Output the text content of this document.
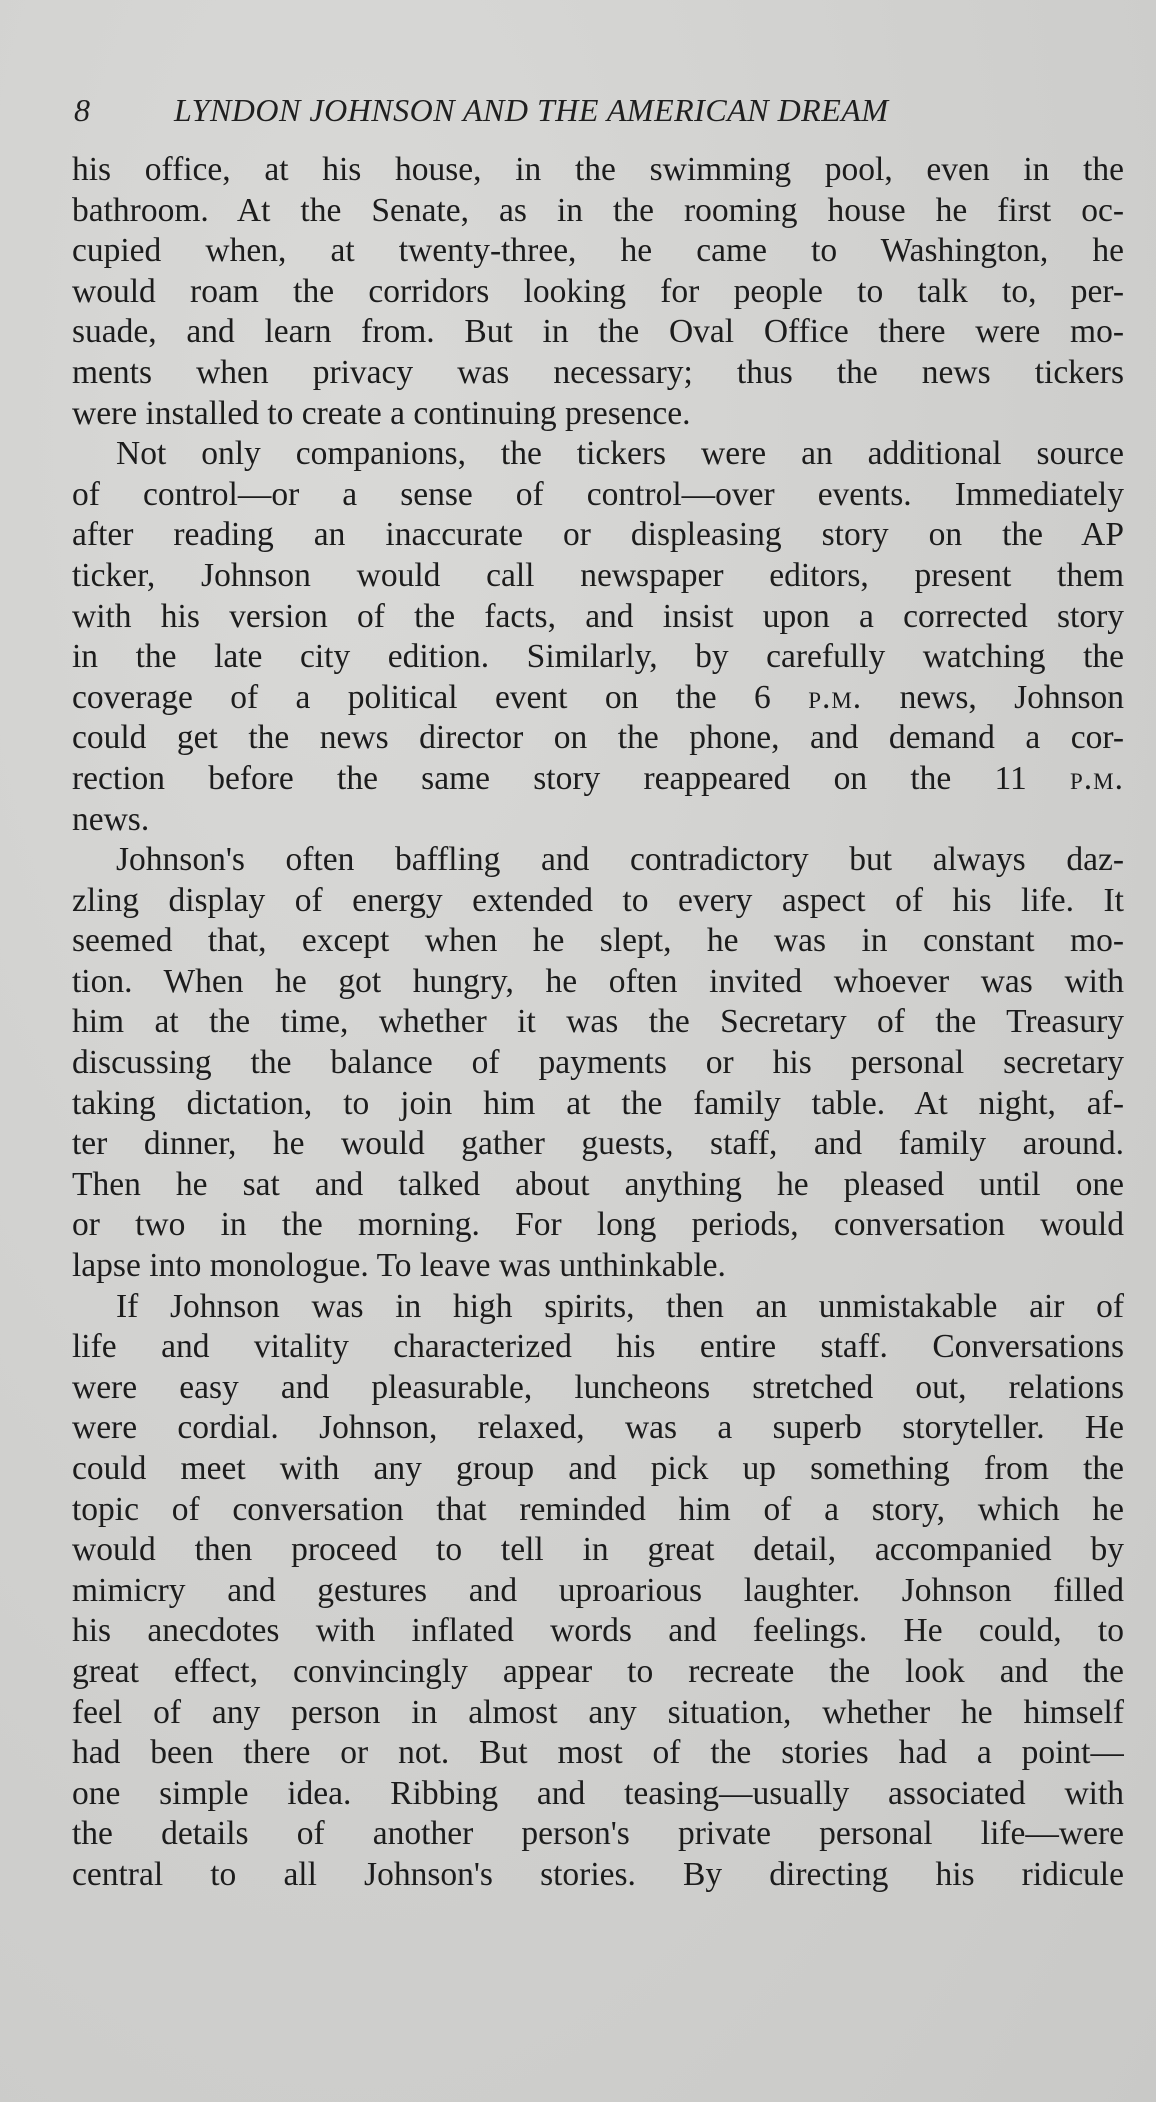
8	LYNDON JOHNSON AND THE AMERICAN DREAM
his office, at his house, in the swimming pool, even in the
bathroom. At the Senate, as in the rooming house he first oc-
cupied when, at twenty-three, he came to Washington, he
would roam the corridors looking for people to talk to, per-
suade, and learn from. But in the Oval Office there were mo-
ments when privacy was necessary; thus the news tickers
were installed to create a continuing presence.
Not only companions, the tickers were an additional source
of control—or a sense of control—over events. Immediately
after reading an inaccurate or displeasing story on the AP
ticker, Johnson would call newspaper editors, present them
with his version of the facts, and insist upon a corrected story
in the late city edition. Similarly, by carefully watching the
coverage of a political event on the 6 p.m. news, Johnson
could get the news director on the phone, and demand a cor-
rection before the same story reappeared on the 11 p.m.
news.
Johnson's often baffling and contradictory but always daz-
zling display of energy extended to every aspect of his life. It
seemed that, except when he slept, he was in constant mo-
tion. When he got hungry, he often invited whoever was with
him at the time, whether it was the Secretary of the Treasury
discussing the balance of payments or his personal secretary
taking dictation, to join him at the family table. At night, af-
ter dinner, he would gather guests, staff, and family around.
Then he sat and talked about anything he pleased until one
or two in the morning. For long periods, conversation would
lapse into monologue. To leave was unthinkable.
If Johnson was in high spirits, then an unmistakable air of
life and vitality characterized his entire staff. Conversations
were easy and pleasurable, luncheons stretched out, relations
were cordial. Johnson, relaxed, was a superb storyteller. He
could meet with any group and pick up something from the
topic of conversation that reminded him of a story, which he
would then proceed to tell in great detail, accompanied by
mimicry and gestures and uproarious laughter. Johnson filled
his anecdotes with inflated words and feelings. He could, to
great effect, convincingly appear to recreate the look and the
feel of any person in almost any situation, whether he himself
had been there or not. But most of the stories had a point—
one simple idea. Ribbing and teasing—usually associated with
the details of another person's private personal life—were
central to all Johnson's stories. By directing his ridicule
